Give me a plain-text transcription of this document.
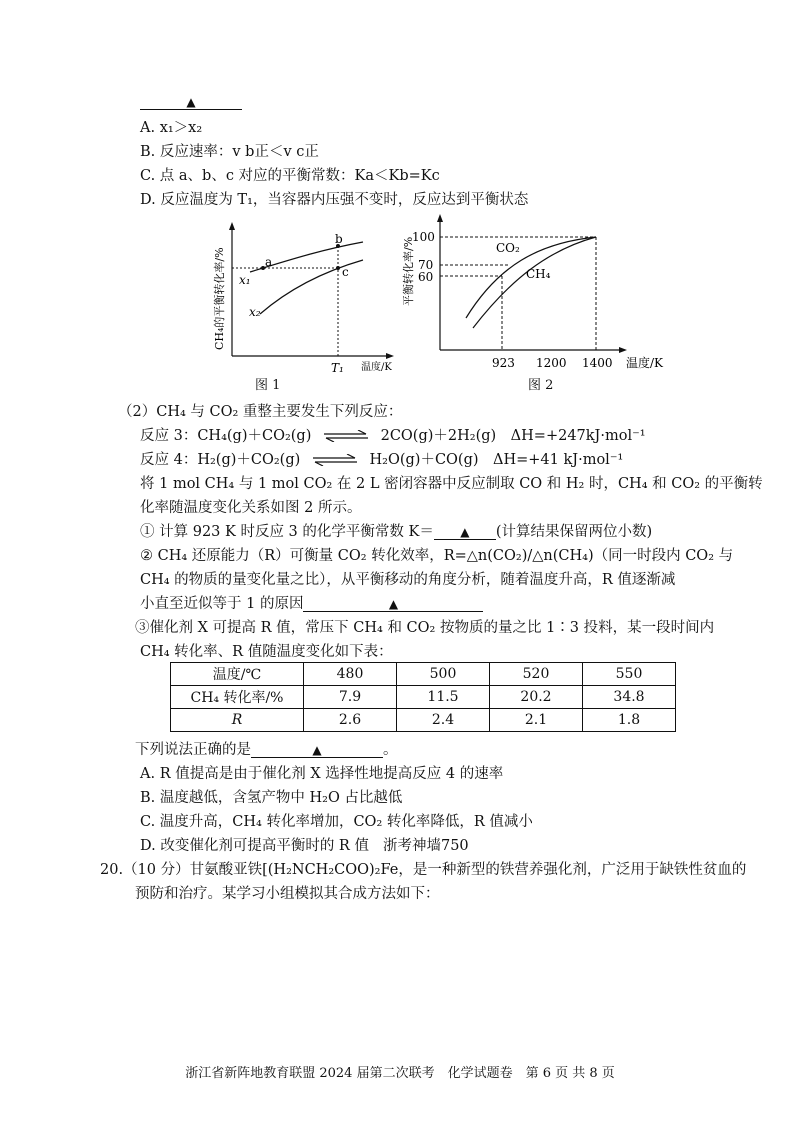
▲
A. x₁＞x₂
B. 反应速率：v b正＜v c正
C. 点 a、b、c 对应的平衡常数：Ka＜Kb=Kc
D. 反应温度为 T₁，当容器内压强不变时，反应达到平衡状态
a
b
c
x₁
x₂
T₁ 温度/K
CH₄的平衡转化率/%
图 1
CO₂
CH₄
100
70
60
923 1200 1400 温度/K
平衡转化率/%
图 2
（2）CH₄ 与 CO₂ 重整主要发生下列反应：
反应 3：CH₄(g)＋CO₂(g) ⇌ 2CO(g)＋2H₂(g)　ΔH=+247kJ·mol⁻¹
反应 4：H₂(g)＋CO₂(g) ⇌ H₂O(g)＋CO(g)　ΔH=+41 kJ·mol⁻¹
将 1 mol CH₄ 与 1 mol CO₂ 在 2 L 密闭容器中反应制取 CO 和 H₂ 时，CH₄ 和 CO₂ 的平衡转
化率随温度变化关系如图 2 所示。
① 计算 923 K 时反应 3 的化学平衡常数 K＝ ▲ (计算结果保留两位小数)
② CH₄ 还原能力（R）可衡量 CO₂ 转化效率，R=△n(CO₂)/△n(CH₄)（同一时段内 CO₂ 与
CH₄ 的物质的量变化量之比），从平衡移动的角度分析，随着温度升高，R 值逐渐减
小直至近似等于 1 的原因	▲
③催化剂 X 可提高 R 值，常压下 CH₄ 和 CO₂ 按物质的量之比 1∶3 投料，某一段时间内
CH₄ 转化率、R 值随温度变化如下表：
温度/℃	480	500	520	550
CH₄ 转化率/%	7.9	11.5	20.2	34.8
R	2.6	2.4	2.1	1.8
下列说法正确的是	▲	。
A. R 值提高是由于催化剂 X 选择性地提高反应 4 的速率
B. 温度越低，含氢产物中 H₂O 占比越低
C. 温度升高，CH₄ 转化率增加，CO₂ 转化率降低，R 值减小
D. 改变催化剂可提高平衡时的 R 值 浙考神墙750
20.（10 分）甘氨酸亚铁[(H₂NCH₂COO)₂Fe，是一种新型的铁营养强化剂，广泛用于缺铁性贫血的
预防和治疗。某学习小组模拟其合成方法如下：
浙江省新阵地教育联盟 2024 届第二次联考　化学试题卷　第 6 页 共 8 页
